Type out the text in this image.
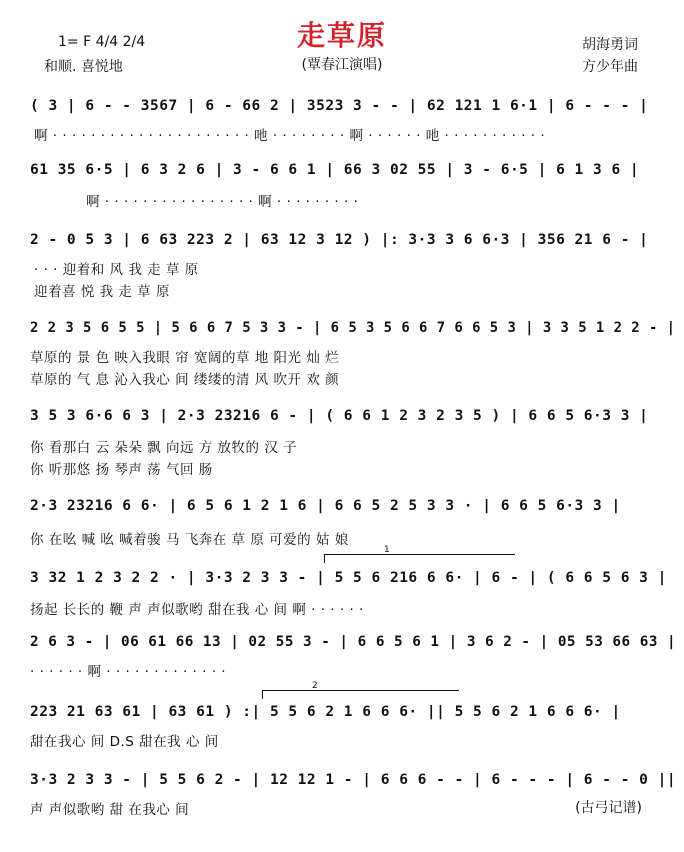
走草原
(覃春江演唱)
1= F 4/4 2/4
和顺. 喜悦地
胡海勇词
方少年曲
( 3 | 6 - - 3567 | 6 - 66 2 | 3523 3 - - | 62 121 1 6·1 | 6 - - - |
啊 · · · · · · · · · · · · · · · · · · · · · 吔 · · · · · · · · 啊 · · · · · · 吔 · · · · · · · · · · ·
61 35 6·5 | 6 3 2 6 | 3 - 6 6 1 | 66 3 02 55 | 3 - 6·5 | 6 1 3 6 |
啊 · · · · · · · · · · · · · · · · 啊 · · · · · · · · ·
2 - 0 5 3 | 6 63 223 2 | 63 12 3 12 ) |: 3·3 3 6 6·3 | 356 21 6 - |
· · · 迎着和 风 我 走 草 原
迎着喜 悦 我 走 草 原
2 2 3 5 6 5 5 | 5 6 6 7 5 3 3 - | 6 5 3 5 6 6 7 6 6 5 3 | 3 3 5 1 2 2 - |
草原的 景 色 映入我眼 帘 宽阔的草 地 阳光 灿 烂
草原的 气 息 沁入我心 间 缕缕的清 风 吹开 欢 颜
3 5 3 6·6 6 3 | 2·3 23216 6 - | ( 6 6 1 2 3 2 3 5 ) | 6 6 5 6·3 3 |
你 看那白 云 朵朵 飘 向远 方 放牧的 汉 子
你 听那悠 扬 琴声 荡 气回 肠
2·3 23216 6 6· | 6 5 6 1 2 1 6 | 6 6 5 2 5 3 3 · | 6 6 5 6·3 3 |
你 在吆 喊 吆 喊着骏 马 飞奔在 草 原 可爱的 姑 娘
1
3 32 1 2 3 2 2 · | 3·3 2 3 3 - | 5 5 6 216 6 6· | 6 - | ( 6 6 5 6 3 |
扬起 长长的 鞭 声 声似歌哟 甜在我 心 间 啊 · · · · · ·
2 6 3 - | 06 61 66 13 | 02 55 3 - | 6 6 5 6 1 | 3 6 2 - | 05 53 66 63 |
· · · · · · 啊 · · · · · · · · · · · · ·
2
223 21 63 61 | 63 61 ) :| 5 5 6 2 1 6 6 6· || 5 5 6 2 1 6 6 6· |
甜在我心 间 D.S 甜在我 心 间
3·3 2 3 3 - | 5 5 6 2 - | 12 12 1 - | 6 6 6 - - | 6 - - - | 6 - - 0 ||
声 声似歌哟 甜 在我心 间	(古弓记谱)
